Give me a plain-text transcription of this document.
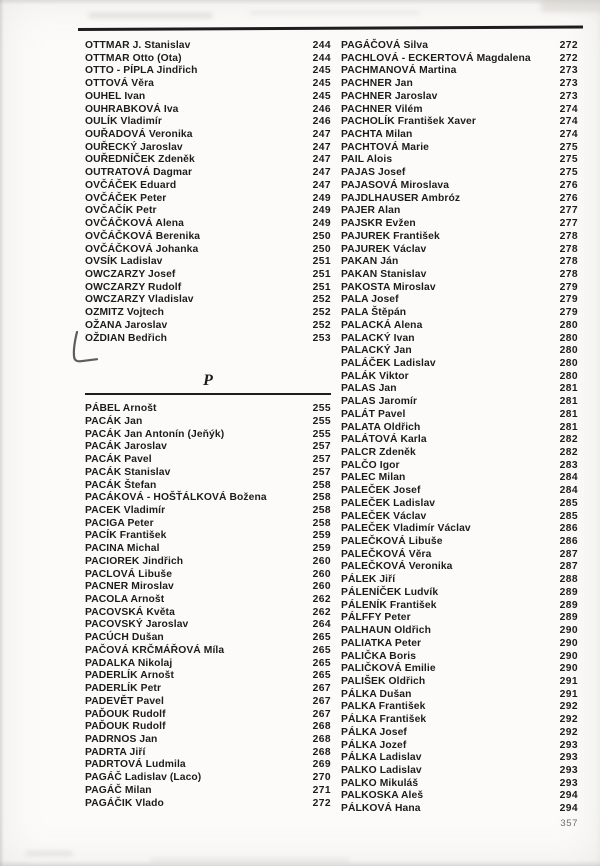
OTTMAR J. Stanislav	244
OTTMAR Otto (Ota)	244
OTTO - PÍPLA Jindřich	245
OTTOVÁ Věra	245
OUHEL Ivan	245
OUHRABKOVÁ Iva	246
OULÍK Vladimír	246
OUŘADOVÁ Veronika	247
OUŘECKÝ Jaroslav	247
OUŘEDNÍČEK Zdeněk	247
OUTRATOVÁ Dagmar	247
OVČÁČEK Eduard	247
OVČÁČEK Peter	249
OVČAČÍK Petr	249
OVČÁČKOVÁ Alena	249
OVČÁČKOVÁ Berenika	250
OVČÁČKOVÁ Johanka	250
OVSÍK Ladislav	251
OWCZARZY Josef	251
OWCZARZY Rudolf	251
OWCZARZY Vladislav	252
OZMITZ Vojtech	252
OŽANA Jaroslav	252
OŽDIAN Bedřich	253
P
PÁBEL Arnošt	255
PACÁK Jan	255
PACÁK Jan Antonín (Jeňýk)	255
PACÁK Jaroslav	257
PACÁK Pavel	257
PACÁK Stanislav	257
PACÁK Štefan	258
PACÁKOVÁ - HOŠŤÁLKOVÁ Božena	258
PACEK Vladimír	258
PACIGA Peter	258
PACÍK František	259
PACINA Michal	259
PACIOREK Jindřich	260
PACLOVÁ Libuše	260
PACNER Miroslav	260
PACOLA Arnošt	262
PACOVSKÁ Květa	262
PACOVSKÝ Jaroslav	264
PACÚCH Dušan	265
PAČOVÁ KRČMÁŘOVÁ Míla	265
PADALKA Nikolaj	265
PADERLÍK Arnošt	265
PADERLÍK Petr	267
PADEVĚT Pavel	267
PAĎOUK Rudolf	267
PAĎOUK Rudolf	268
PADRNOS Jan	268
PADRTA Jiří	268
PADRTOVÁ Ludmila	269
PAGÁČ Ladislav (Laco)	270
PAGÁČ Milan	271
PAGÁČIK Vlado	272
PAGÁČOVÁ Silva	272
PACHLOVÁ - ECKERTOVÁ Magdalena	272
PACHMANOVÁ Martina	273
PACHNER Jan	273
PACHNER Jaroslav	273
PACHNER Vilém	274
PACHOLÍK František Xaver	274
PACHTA Milan	274
PACHTOVÁ Marie	275
PAIL Alois	275
PAJAS Josef	275
PAJASOVÁ Miroslava	276
PAJDLHAUSER Ambróz	276
PAJER Alan	277
PAJSKR Evžen	277
PAJUREK František	278
PAJUREK Václav	278
PAKAN Ján	278
PAKAN Stanislav	278
PAKOSTA Miroslav	279
PALA Josef	279
PALA Štěpán	279
PALACKÁ Alena	280
PALACKÝ Ivan	280
PALACKÝ Jan	280
PALÁČEK Ladislav	280
PALÁK Viktor	280
PALAS Jan	281
PALAS Jaromír	281
PALÁT Pavel	281
PALATA Oldřich	281
PALÁTOVÁ Karla	282
PALCR Zdeněk	282
PALČO Igor	283
PALEC Milan	284
PALEČEK Josef	284
PALEČEK Ladislav	285
PALEČEK Václav	285
PALEČEK Vladimír Václav	286
PALEČKOVÁ Libuše	286
PALEČKOVÁ Věra	287
PALEČKOVÁ Veronika	287
PÁLEK Jiří	288
PÁLENÍČEK Ludvík	289
PÁLENÍK František	289
PÁLFFY Peter	289
PALHAUN Oldřich	290
PALIATKA Peter	290
PALIČKA Boris	290
PALIČKOVÁ Emilie	290
PALIŠEK Oldřich	291
PÁLKA Dušan	291
PALKA František	292
PÁLKA František	292
PÁLKA Josef	292
PÁLKA Jozef	293
PÁLKA Ladislav	293
PALKO Ladislav	293
PALKO Mikuláš	293
PALKOSKA Aleš	294
PÁLKOVÁ Hana	294
357
